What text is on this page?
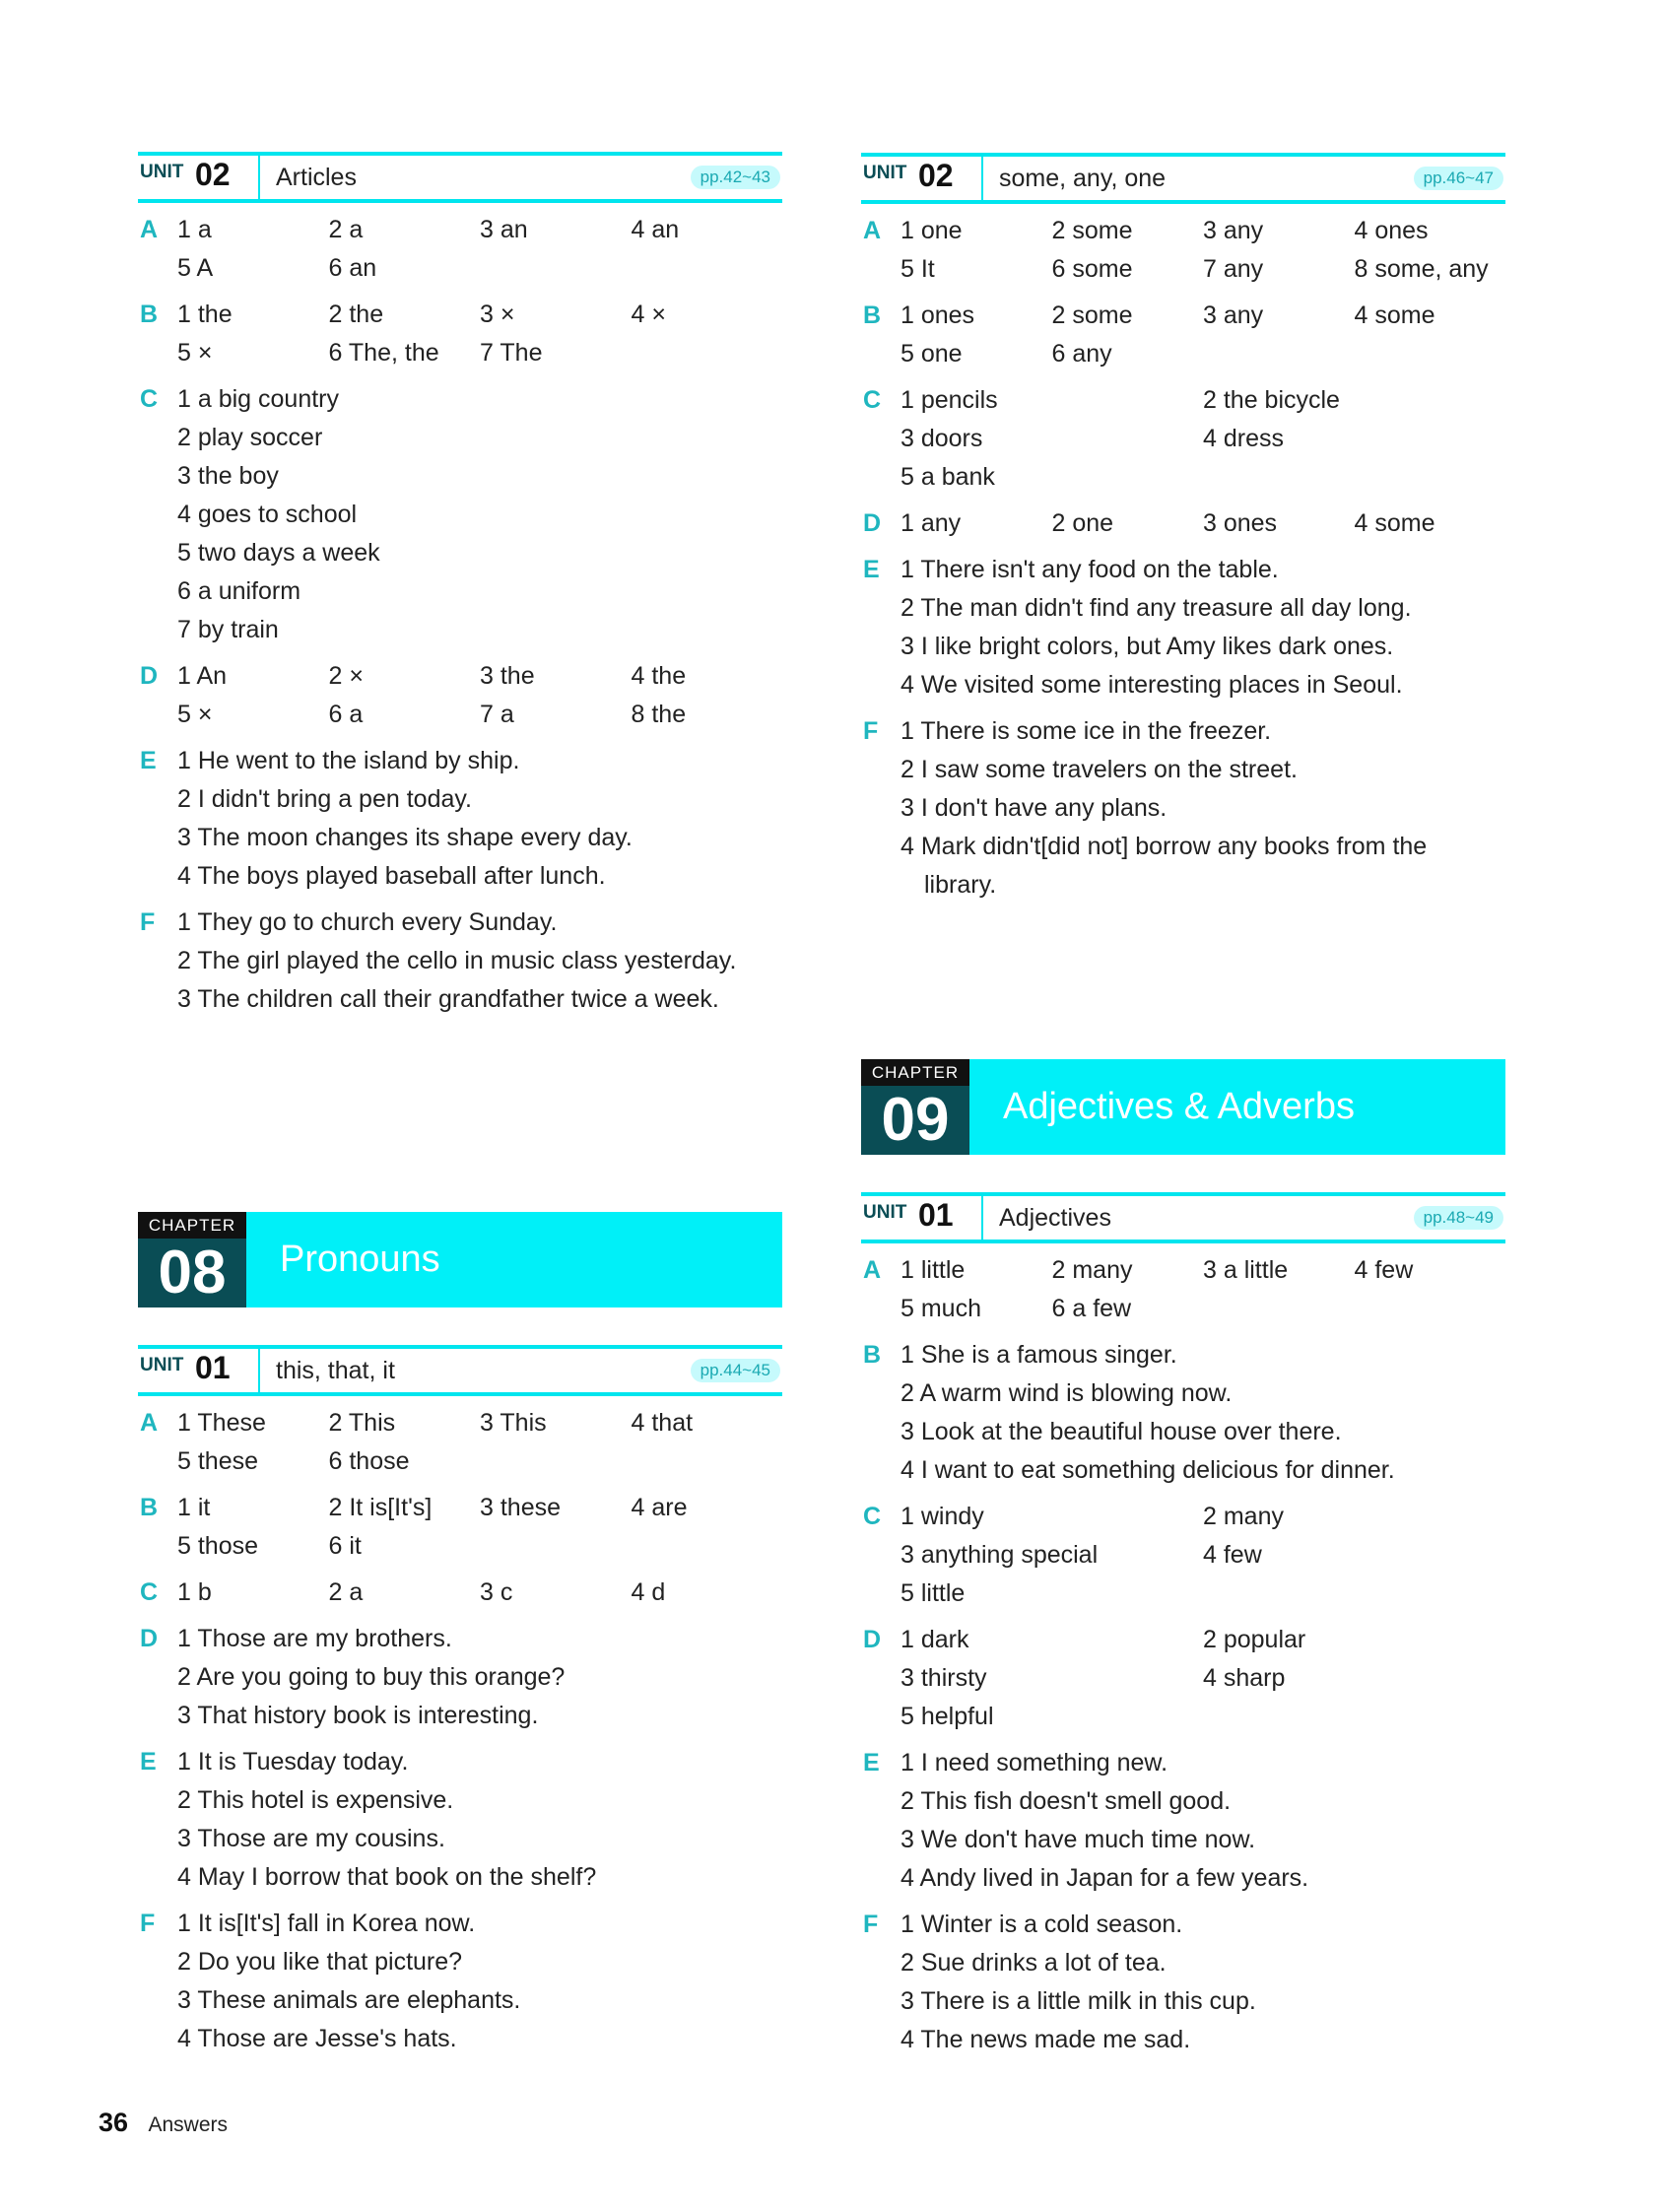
UNIT 02 Articles	pp.42~43
A 1 a	2 a	3 an	4 an
5 A	6 an
B 1 the	2 the	3 ×	4 ×
5 ×	6 The, the	7 The
C 1 a big country
2 play soccer
3 the boy
4 goes to school
5 two days a week
6 a uniform
7 by train
D 1 An	2 ×	3 the	4 the
5 ×	6 a	7 a	8 the
E 1 He went to the island by ship.
2 I didn't bring a pen today.
3 The moon changes its shape every day.
4 The boys played baseball after lunch.
F 1 They go to church every Sunday.
2 The girl played the cello in music class yesterday.
3 The children call their grandfather twice a week.
UNIT 02 some, any, one	pp.46~47
A 1 one	2 some	3 any	4 ones
5 It	6 some	7 any	8 some, any
B 1 ones	2 some	3 any	4 some
5 one	6 any
C 1 pencils	2 the bicycle
3 doors	4 dress
5 a bank
D 1 any	2 one	3 ones	4 some
E 1 There isn't any food on the table.
2 The man didn't find any treasure all day long.
3 I like bright colors, but Amy likes dark ones.
4 We visited some interesting places in Seoul.
F 1 There is some ice in the freezer.
2 I saw some travelers on the street.
3 I don't have any plans.
4 Mark didn't[did not] borrow any books from the
library.
CHAPTER
09	Adjectives & Adverbs
UNIT 01 Adjectives	pp.48~49
A 1 little	2 many	3 a little	4 few
5 much	6 a few
B 1 She is a famous singer.
2 A warm wind is blowing now.
3 Look at the beautiful house over there.
4 I want to eat something delicious for dinner.
C 1 windy	2 many
3 anything special	4 few
5 little
D 1 dark	2 popular
3 thirsty	4 sharp
5 helpful
E 1 I need something new.
2 This fish doesn't smell good.
3 We don't have much time now.
4 Andy lived in Japan for a few years.
F 1 Winter is a cold season.
2 Sue drinks a lot of tea.
3 There is a little milk in this cup.
4 The news made me sad.
CHAPTER
08	Pronouns
UNIT 01 this, that, it	pp.44~45
A 1 These	2 This	3 This	4 that
5 these	6 those
B 1 it	2 It is[It's]	3 these	4 are
5 those	6 it
C 1 b	2 a	3 c	4 d
D 1 Those are my brothers.
2 Are you going to buy this orange?
3 That history book is interesting.
E 1 It is Tuesday today.
2 This hotel is expensive.
3 Those are my cousins.
4 May I borrow that book on the shelf?
F 1 It is[It's] fall in Korea now.
2 Do you like that picture?
3 These animals are elephants.
4 Those are Jesse's hats.
36 Answers
